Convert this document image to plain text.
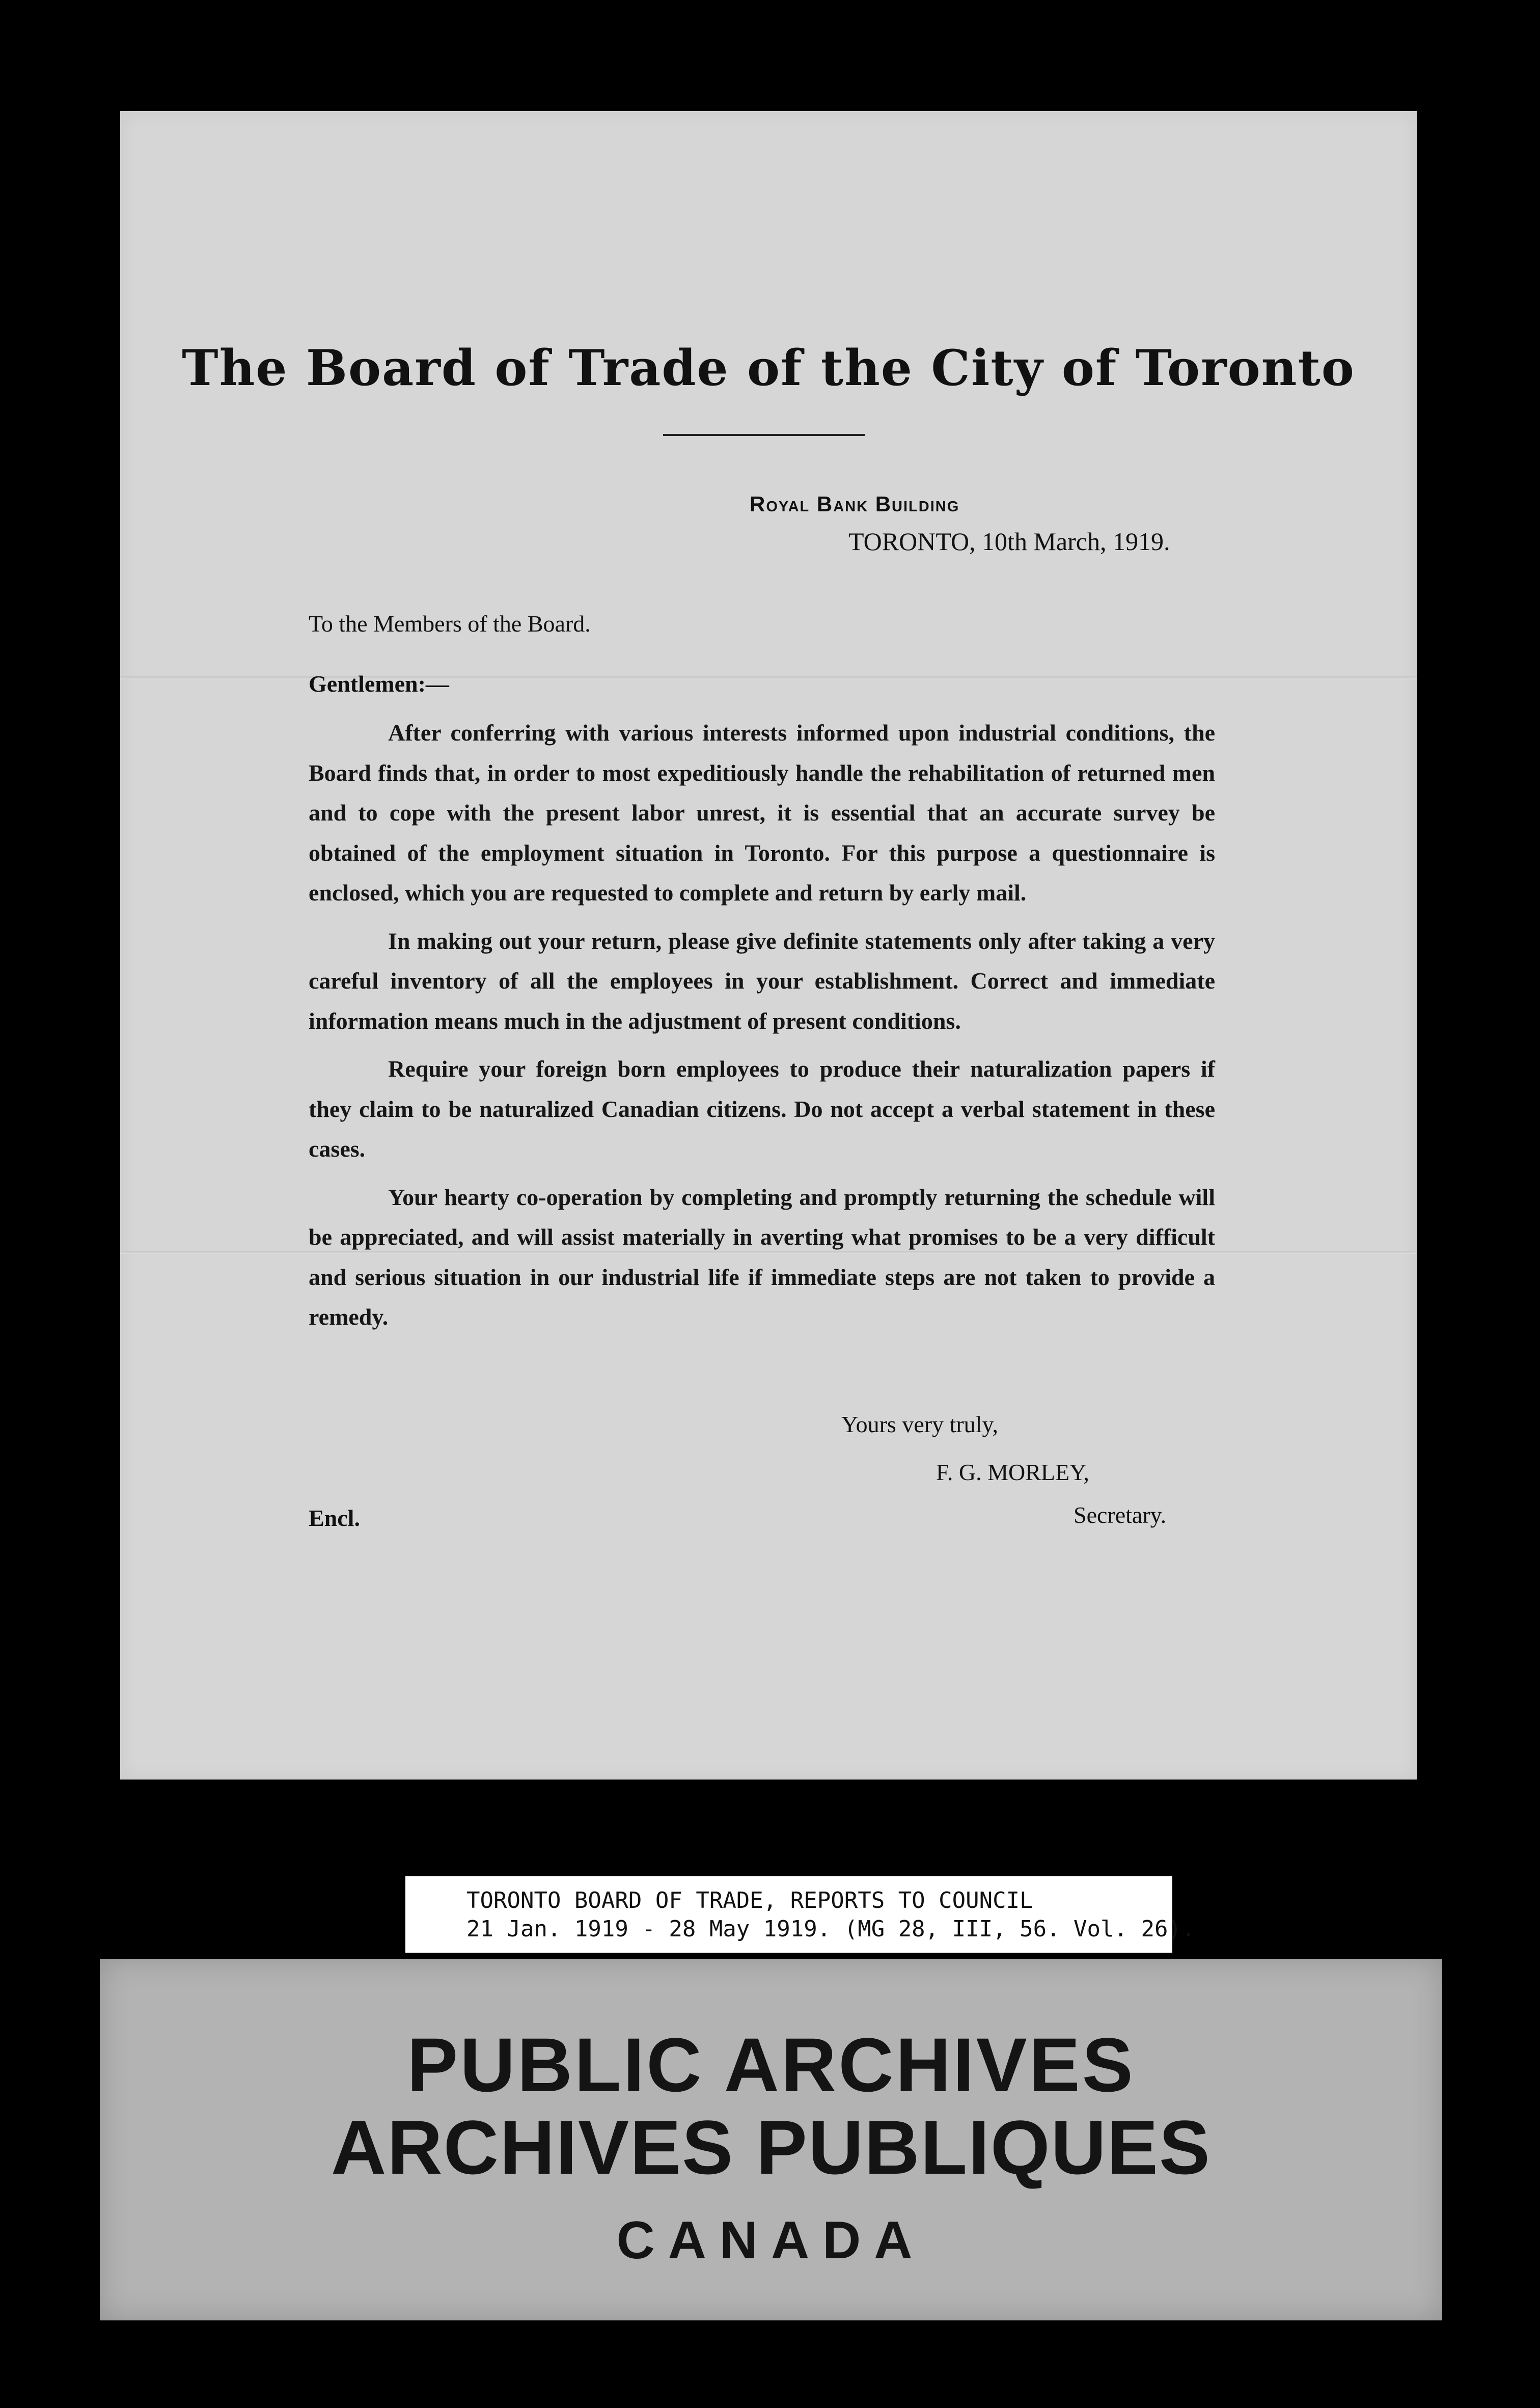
The Board of Trade of the City of Toronto
Royal Bank Building
TORONTO, 10th March, 1919.
To the Members of the Board.
Gentlemen:—

After conferring with various interests informed upon industrial conditions, the Board finds that, in order to most expeditiously handle the rehabilitation of returned men and to cope with the present labor unrest, it is essential that an accurate survey be obtained of the employment situation in Toronto. For this purpose a questionnaire is enclosed, which you are requested to complete and return by early mail.

In making out your return, please give definite statements only after taking a very careful inventory of all the employees in your establishment. Correct and immediate information means much in the adjustment of present conditions.

Require your foreign born employees to produce their naturalization papers if they claim to be naturalized Canadian citizens. Do not accept a verbal statement in these cases.

Your hearty co-operation by completing and promptly returning the schedule will be appreciated, and will assist materially in averting what promises to be a very difficult and serious situation in our industrial life if immediate steps are not taken to provide a remedy.

Yours very truly,
F. G. MORLEY,
Secretary.
Encl.
TORONTO BOARD OF TRADE, REPORTS TO COUNCIL
21 Jan. 1919 - 28 May 1919. (MG 28, III, 56. Vol. 26).
PUBLIC ARCHIVES
ARCHIVES PUBLIQUES
CANADA
